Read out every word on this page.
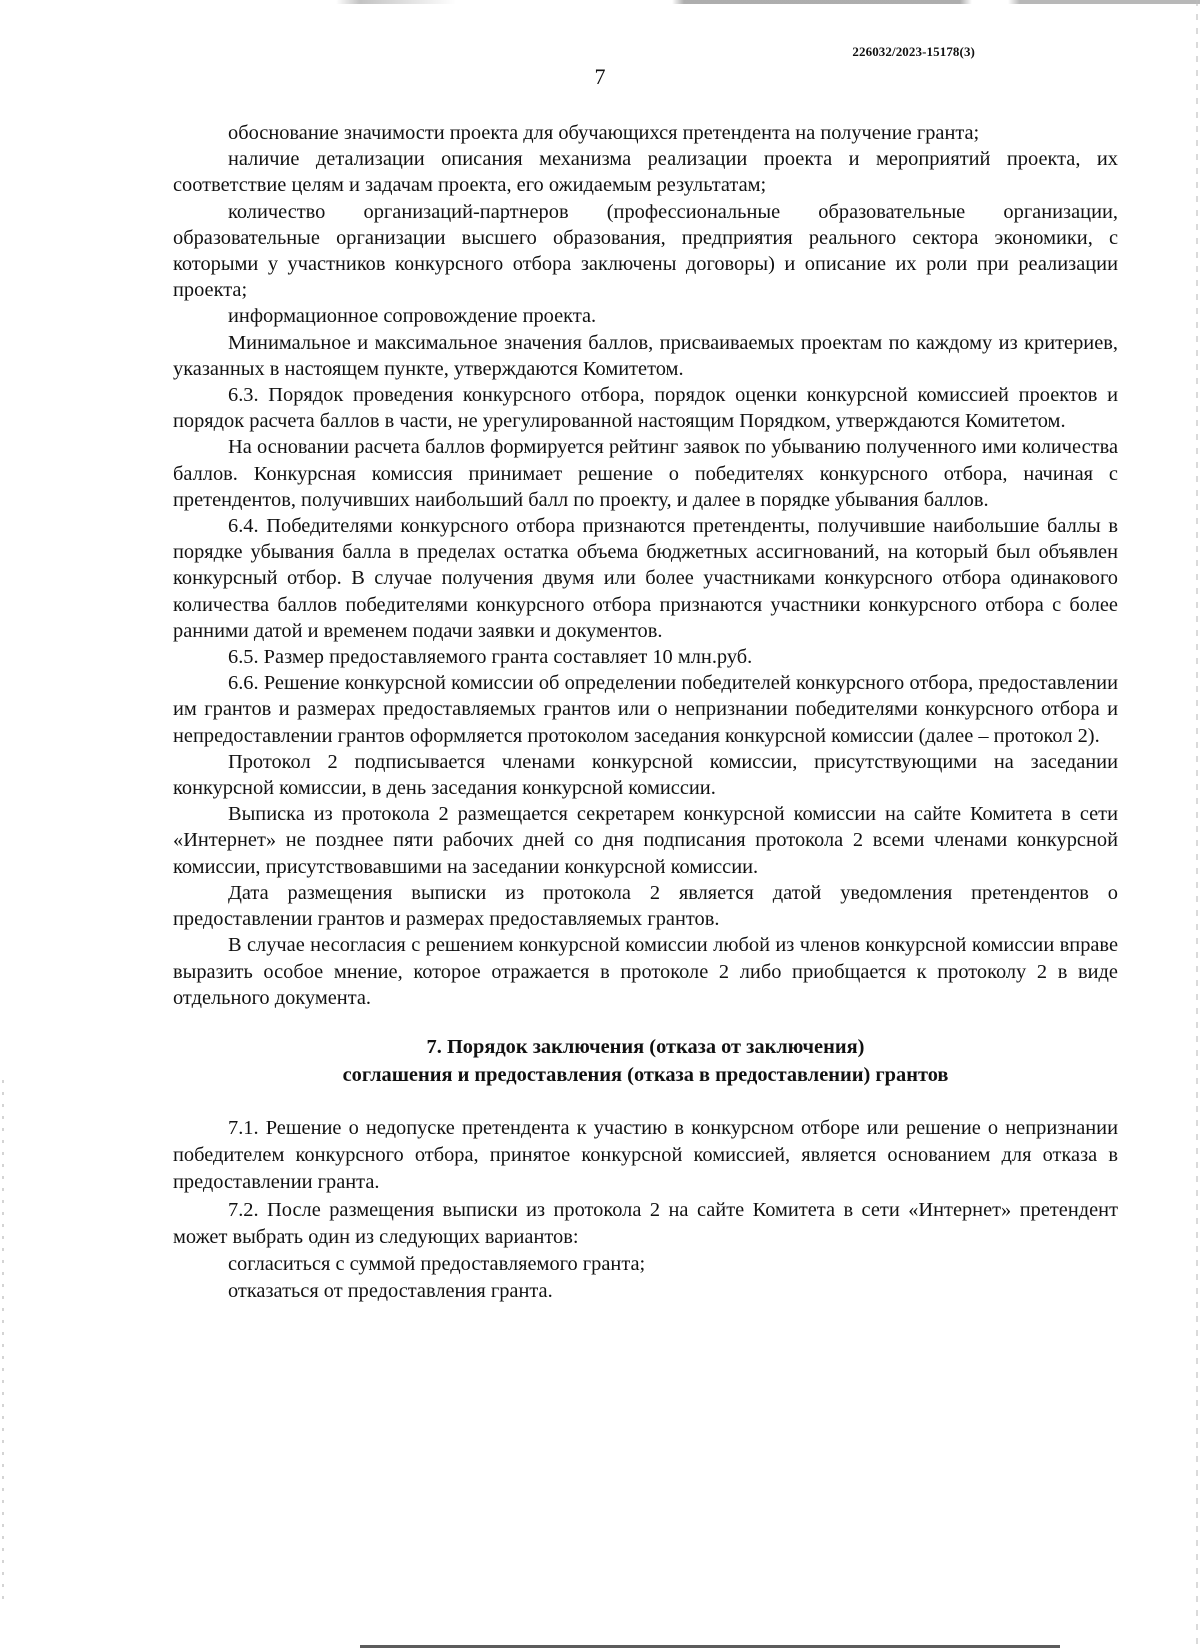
226032/2023-15178(3)
7

обоснование значимости проекта для обучающихся претендента на получение гранта;

наличие детализации описания механизма реализации проекта и мероприятий проекта, их соответствие целям и задачам проекта, его ожидаемым результатам;

количество организаций-партнеров (профессиональные образовательные организации, образовательные организации высшего образования, предприятия реального сектора экономики, с которыми у участников конкурсного отбора заключены договоры) и описание их роли при реализации проекта;

информационное сопровождение проекта.

Минимальное и максимальное значения баллов, присваиваемых проектам по каждому из критериев, указанных в настоящем пункте, утверждаются Комитетом.

6.3. Порядок проведения конкурсного отбора, порядок оценки конкурсной комиссией проектов и порядок расчета баллов в части, не урегулированной настоящим Порядком, утверждаются Комитетом.

На основании расчета баллов формируется рейтинг заявок по убыванию полученного ими количества баллов. Конкурсная комиссия принимает решение о победителях конкурсного отбора, начиная с претендентов, получивших наибольший балл по проекту, и далее в порядке убывания баллов.

6.4. Победителями конкурсного отбора признаются претенденты, получившие наибольшие баллы в порядке убывания балла в пределах остатка объема бюджетных ассигнований, на который был объявлен конкурсный отбор. В случае получения двумя или более участниками конкурсного отбора одинакового количества баллов победителями конкурсного отбора признаются участники конкурсного отбора с более ранними датой и временем подачи заявки и документов.

6.5. Размер предоставляемого гранта составляет 10 млн.руб.

6.6. Решение конкурсной комиссии об определении победителей конкурсного отбора, предоставлении им грантов и размерах предоставляемых грантов или о непризнании победителями конкурсного отбора и непредоставлении грантов оформляется протоколом заседания конкурсной комиссии (далее – протокол 2).

Протокол 2 подписывается членами конкурсной комиссии, присутствующими на заседании конкурсной комиссии, в день заседания конкурсной комиссии.

Выписка из протокола 2 размещается секретарем конкурсной комиссии на сайте Комитета в сети «Интернет» не позднее пяти рабочих дней со дня подписания протокола 2 всеми членами конкурсной комиссии, присутствовавшими на заседании конкурсной комиссии.

Дата размещения выписки из протокола 2 является датой уведомления претендентов о предоставлении грантов и размерах предоставляемых грантов.

В случае несогласия с решением конкурсной комиссии любой из членов конкурсной комиссии вправе выразить особое мнение, которое отражается в протоколе 2 либо приобщается к протоколу 2 в виде отдельного документа.

7. Порядок заключения (отказа от заключения)
соглашения и предоставления (отказа в предоставлении) грантов

7.1. Решение о недопуске претендента к участию в конкурсном отборе или решение о непризнании победителем конкурсного отбора, принятое конкурсной комиссией, является основанием для отказа в предоставлении гранта.

7.2. После размещения выписки из протокола 2 на сайте Комитета в сети «Интернет» претендент может выбрать один из следующих вариантов:

согласиться с суммой предоставляемого гранта;

отказаться от предоставления гранта.
